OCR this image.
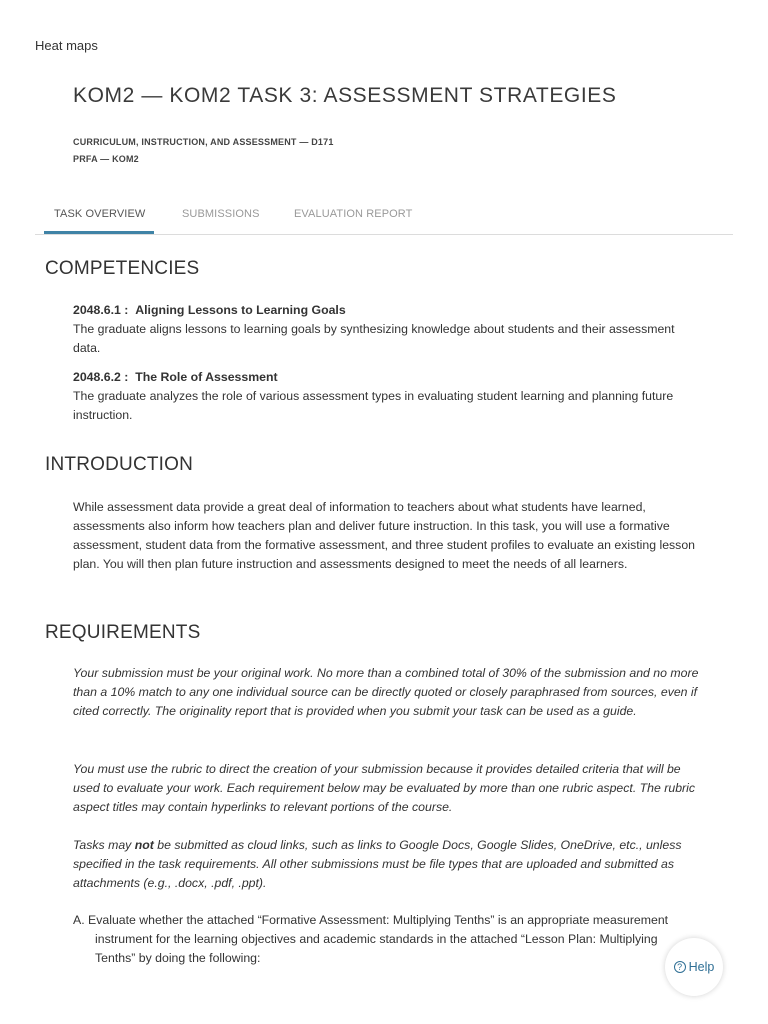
Heat maps
KOM2 — KOM2 TASK 3: ASSESSMENT STRATEGIES
CURRICULUM, INSTRUCTION, AND ASSESSMENT — D171
PRFA — KOM2
TASK OVERVIEW	SUBMISSIONS	EVALUATION REPORT
COMPETENCIES
2048.6.1 : Aligning Lessons to Learning Goals
The graduate aligns lessons to learning goals by synthesizing knowledge about students and their assessment data.
2048.6.2 : The Role of Assessment
The graduate analyzes the role of various assessment types in evaluating student learning and planning future instruction.
INTRODUCTION
While assessment data provide a great deal of information to teachers about what students have learned, assessments also inform how teachers plan and deliver future instruction. In this task, you will use a formative assessment, student data from the formative assessment, and three student profiles to evaluate an existing lesson plan. You will then plan future instruction and assessments designed to meet the needs of all learners.
REQUIREMENTS
Your submission must be your original work. No more than a combined total of 30% of the submission and no more than a 10% match to any one individual source can be directly quoted or closely paraphrased from sources, even if cited correctly. The originality report that is provided when you submit your task can be used as a guide.
You must use the rubric to direct the creation of your submission because it provides detailed criteria that will be used to evaluate your work. Each requirement below may be evaluated by more than one rubric aspect. The rubric aspect titles may contain hyperlinks to relevant portions of the course.
Tasks may not be submitted as cloud links, such as links to Google Docs, Google Slides, OneDrive, etc., unless specified in the task requirements. All other submissions must be file types that are uploaded and submitted as attachments (e.g., .docx, .pdf, .ppt).
A. Evaluate whether the attached “Formative Assessment: Multiplying Tenths” is an appropriate measurement instrument for the learning objectives and academic standards in the attached “Lesson Plan: Multiplying Tenths” by doing the following:
? Help
